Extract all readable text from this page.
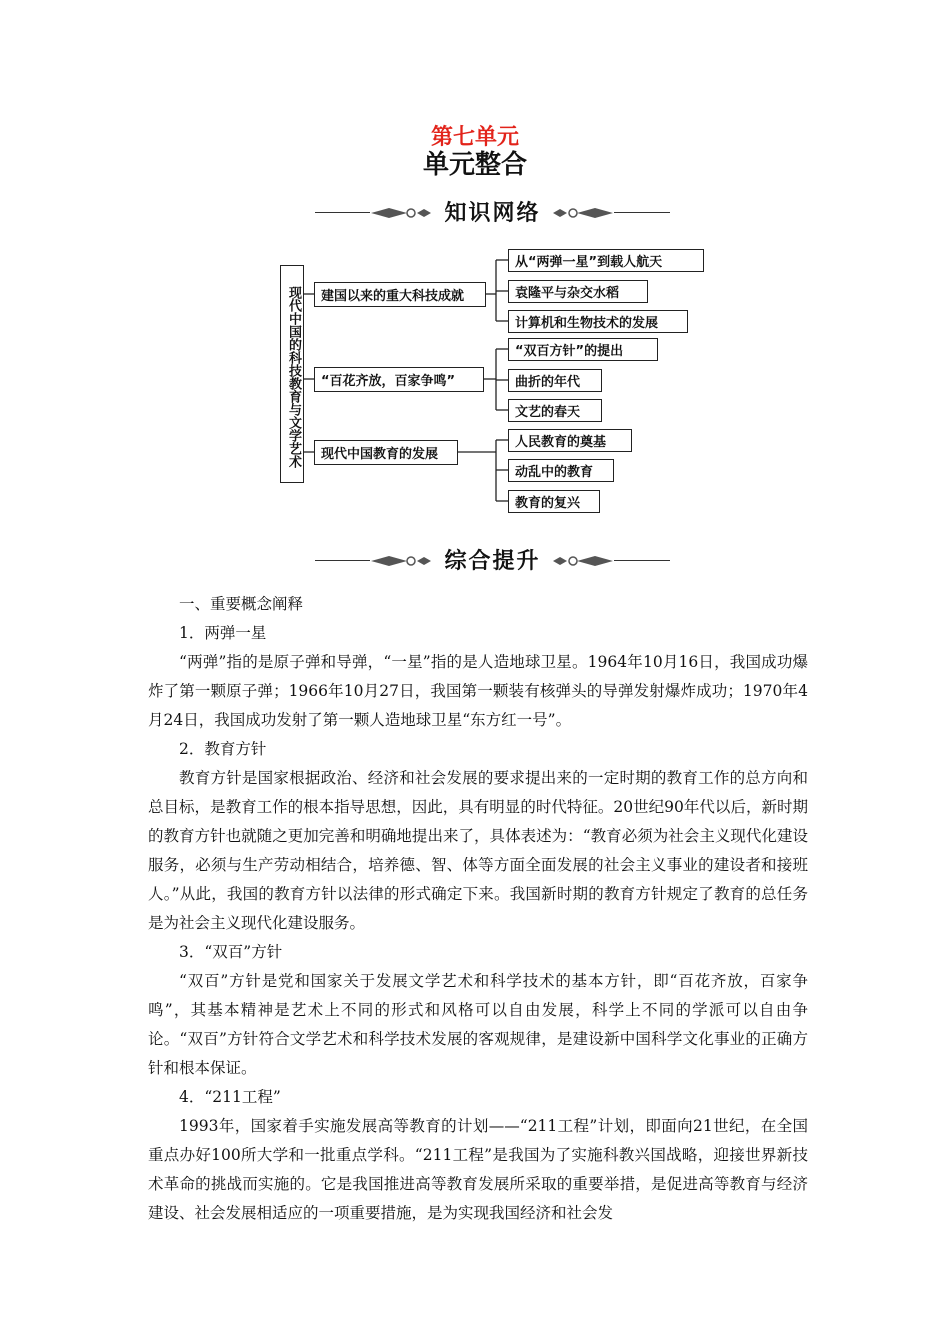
第七单元
单元整合
知识网络
现代中国的科技教育与文学艺术	建国以来的重大科技成就
“百花齐放，百家争鸣”
现代中国教育的发展
从“两弹一星”到载人航天
袁隆平与杂交水稻
计算机和生物技术的发展
“双百方针”的提出
曲折的年代
文艺的春天
人民教育的奠基
动乱中的教育
教育的复兴
综合提升

一、重要概念阐释

1．两弹一星

“两弹”指的是原子弹和导弹，“一星”指的是人造地球卫星。1964年10月16日，我国成功爆炸了第一颗原子弹；1966年10月27日，我国第一颗装有核弹头的导弹发射爆炸成功；1970年4月24日，我国成功发射了第一颗人造地球卫星“东方红一号”。

2．教育方针

教育方针是国家根据政治、经济和社会发展的要求提出来的一定时期的教育工作的总方向和总目标，是教育工作的根本指导思想，因此，具有明显的时代特征。20世纪90年代以后，新时期的教育方针也就随之更加完善和明确地提出来了，具体表述为：“教育必须为社会主义现代化建设服务，必须与生产劳动相结合，培养德、智、体等方面全面发展的社会主义事业的建设者和接班人。”从此，我国的教育方针以法律的形式确定下来。我国新时期的教育方针规定了教育的总任务是为社会主义现代化建设服务。

3．“双百”方针

“双百”方针是党和国家关于发展文学艺术和科学技术的基本方针，即“百花齐放，百家争鸣”，其基本精神是艺术上不同的形式和风格可以自由发展，科学上不同的学派可以自由争论。“双百”方针符合文学艺术和科学技术发展的客观规律，是建设新中国科学文化事业的正确方针和根本保证。

4．“211工程”

1993年，国家着手实施发展高等教育的计划——“211工程”计划，即面向21世纪，在全国重点办好100所大学和一批重点学科。“211工程”是我国为了实施科教兴国战略，迎接世界新技术革命的挑战而实施的。它是我国推进高等教育发展所采取的重要举措，是促进高等教育与经济建设、社会发展相适应的一项重要措施，是为实现我国经济和社会发
